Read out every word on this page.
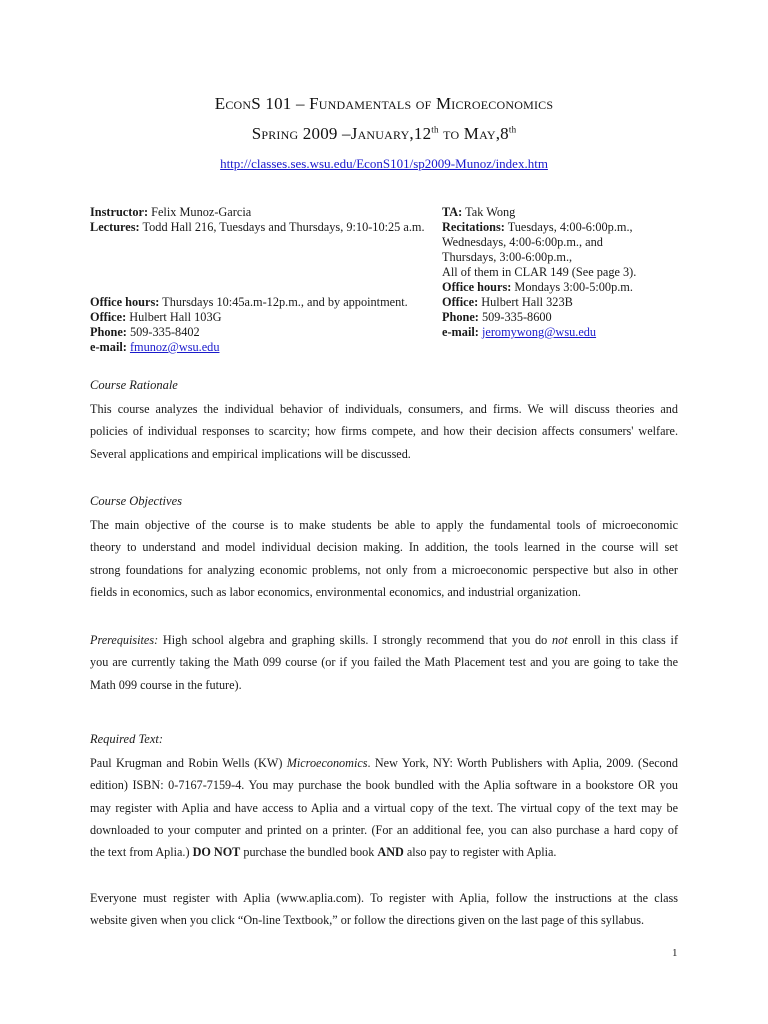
EconS 101 – Fundamentals of Microeconomics
Spring 2009 –January,12th to May,8th
http://classes.ses.wsu.edu/EconS101/sp2009-Munoz/index.htm
Instructor: Felix Munoz-Garcia
Lectures: Todd Hall 216, Tuesdays and Thursdays, 9:10-10:25 a.m.
Office hours: Thursdays 10:45a.m-12p.m., and by appointment.
Office: Hulbert Hall 103G
Phone: 509-335-8402
e-mail: fmunoz@wsu.edu
TA: Tak Wong
Recitations: Tuesdays, 4:00-6:00p.m.,
Wednesdays, 4:00-6:00p.m., and
Thursdays, 3:00-6:00p.m.,
All of them in CLAR 149 (See page 3).
Office hours: Mondays 3:00-5:00p.m.
Office: Hulbert Hall 323B
Phone: 509-335-8600
e-mail: jeromywong@wsu.edu
Course Rationale
This course analyzes the individual behavior of individuals, consumers, and firms. We will discuss theories and
policies of individual responses to scarcity; how firms compete, and how their decision affects consumers' welfare.
Several applications and empirical implications will be discussed.
Course Objectives
The main objective of the course is to make students be able to apply the fundamental tools of microeconomic
theory to understand and model individual decision making. In addition, the tools learned in the course will set
strong foundations for analyzing economic problems, not only from a microeconomic perspective but also in other
fields in economics, such as labor economics, environmental economics, and industrial organization.
Prerequisites: High school algebra and graphing skills. I strongly recommend that you do not enroll in this class if
you are currently taking the Math 099 course (or if you failed the Math Placement test and you are going to take the
Math 099 course in the future).
Required Text:
Paul Krugman and Robin Wells (KW) Microeconomics. New York, NY: Worth Publishers with Aplia, 2009. (Second
edition) ISBN: 0-7167-7159-4. You may purchase the book bundled with the Aplia software in a bookstore OR you
may register with Aplia and have access to Aplia and a virtual copy of the text. The virtual copy of the text may be
downloaded to your computer and printed on a printer. (For an additional fee, you can also purchase a hard copy of
the text from Aplia.) DO NOT purchase the bundled book AND also pay to register with Aplia.
Everyone must register with Aplia (www.aplia.com). To register with Aplia, follow the instructions at the class
website given when you click “On-line Textbook,” or follow the directions given on the last page of this syllabus.
1
